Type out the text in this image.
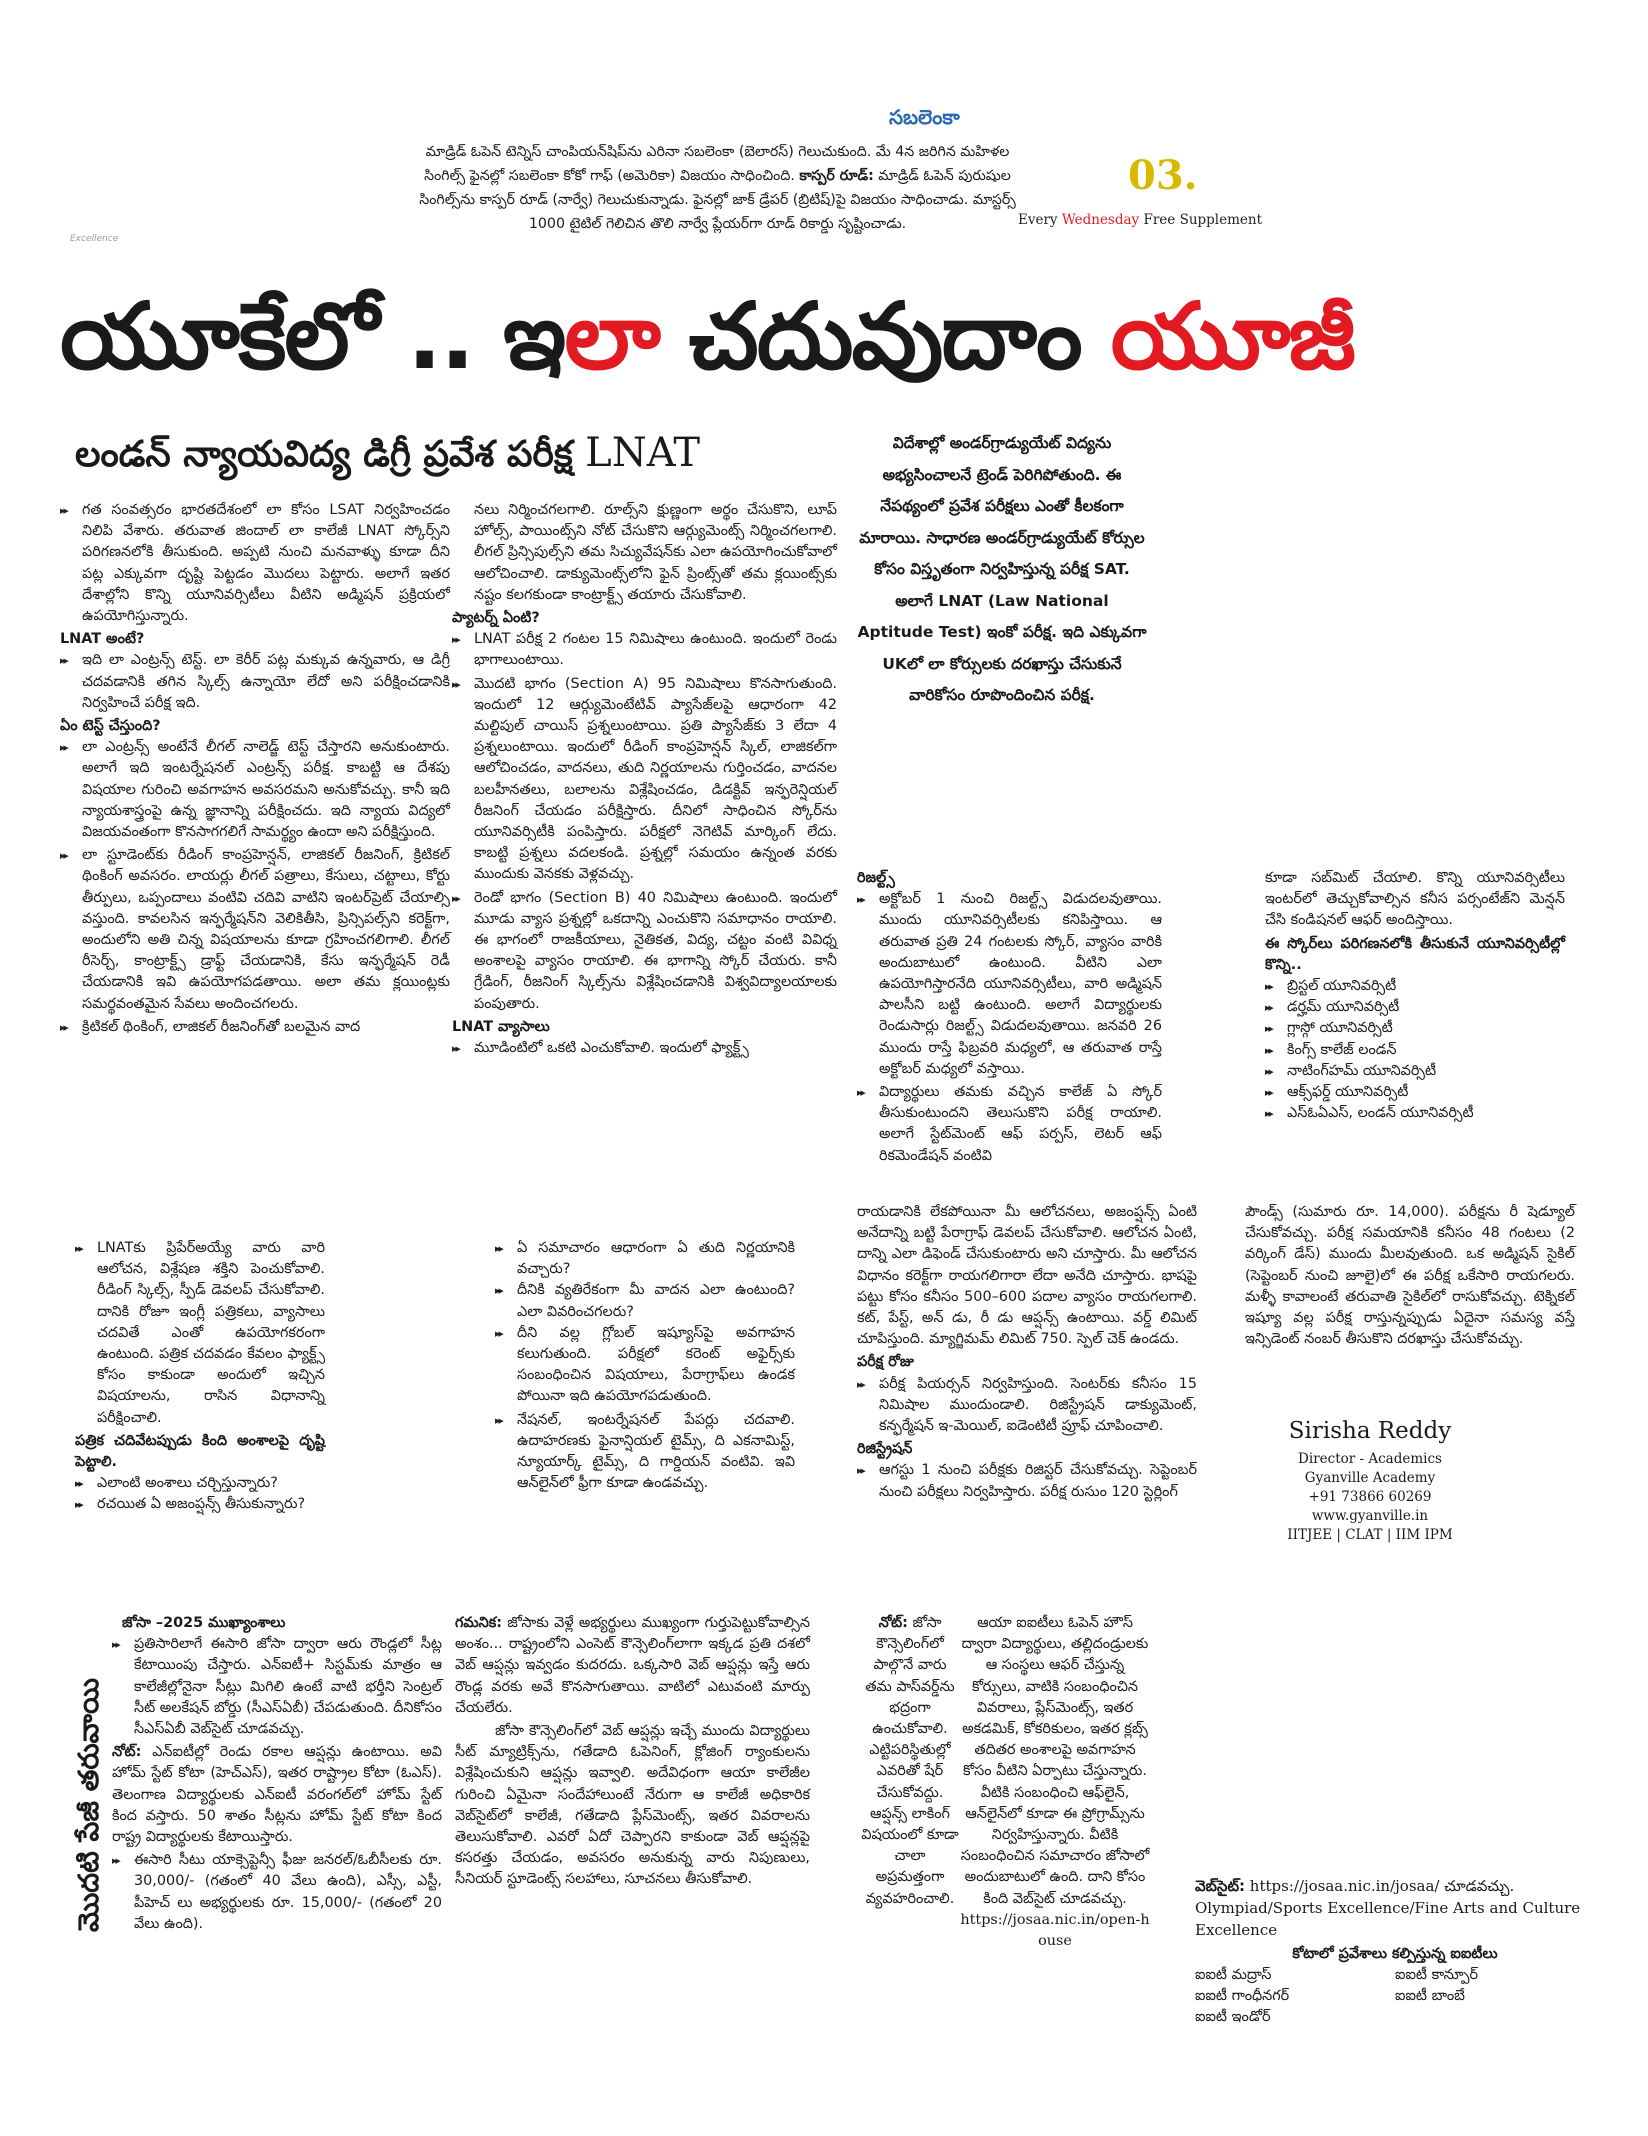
Excellence
సబలెంకా
మాడ్రిడ్ ఓపెన్ టెన్నిస్ చాంపియన్‌షిప్‌ను ఎరినా సబలెంకా (బెలారస్) గెలుచుకుంది. మే 4న జరిగిన మహిళల సింగిల్స్ ఫైనల్లో సబలెంకా కోకో గాఫ్ (అమెరికా) విజయం సాధించింది. కాస్పర్ రూడ్: మాడ్రిడ్ ఓపెన్ పురుషుల సింగిల్స్‌ను కాస్పర్ రూడ్ (నార్వే) గెలుచుకున్నాడు. ఫైనల్లో జాక్ డ్రేపర్ (బ్రిటిష్)పై విజయం సాధించాడు. మాస్టర్స్ 1000 టైటిల్ గెలిచిన తొలి నార్వే ప్లేయర్‌గా రూడ్ రికార్డు సృష్టించాడు.
03.
Every Wednesday Free Supplement
యూకేలో .. ఇలా చదువుదాం యూజీ
లండన్ న్యాయవిద్య డిగ్రీ ప్రవేశ పరీక్ష LNAT	విదేశాల్లో అండర్‌గ్రాడ్యుయేట్ విద్యను అభ్యసించాలనే ట్రెండ్ పెరిగిపోతుంది. ఈ నేపథ్యంలో ప్రవేశ పరీక్షలు ఎంతో కీలకంగా మారాయి. సాధారణ అండర్‌గ్రాడ్యుయేట్ కోర్సుల కోసం విస్తృతంగా నిర్వహిస్తున్న పరీక్ష SAT. అలాగే LNAT (Law National Aptitude Test) ఇంకో పరీక్ష. ఇది ఎక్కువగా UKలో లా కోర్సులకు దరఖాస్తు చేసుకునే వారికోసం రూపొందించిన పరీక్ష.
▶▶ గత సంవత్సరం భారతదేశంలో లా కోసం LSAT నిర్వహించడం నిలిపి వేశారు. తరువాత జిందాల్ లా కాలేజీ LNAT స్కోర్స్‌ని పరిగణనలోకి తీసుకుంది. అప్పటి నుంచి మనవాళ్ళు కూడా దీని పట్ల ఎక్కువగా దృష్టి పెట్టడం మొదలు పెట్టారు. అలాగే ఇతర దేశాల్లోని కొన్ని యూనివర్సిటీలు వీటిని అడ్మిషన్ ప్రక్రియలో ఉపయోగిస్తున్నారు.
LNAT అంటే?
▶▶ ఇది లా ఎంట్రన్స్ టెస్ట్. లా కెరీర్ పట్ల మక్కువ ఉన్నవారు, ఆ డిగ్రీ చదవడానికి తగిన స్కిల్స్ ఉన్నాయో లేదో అని పరీక్షించడానికి నిర్వహించే పరీక్ష ఇది.
ఏం టెస్ట్ చేస్తుంది?
▶▶ లా ఎంట్రన్స్ అంటేనే లీగల్ నాలెడ్జ్ టెస్ట్ చేస్తారని అనుకుంటారు. అలాగే ఇది ఇంటర్నేషనల్ ఎంట్రన్స్ పరీక్ష. కాబట్టి ఆ దేశపు విషయాల గురించి అవగాహన అవసరమని అనుకోవచ్చు. కానీ ఇది న్యాయశాస్త్రంపై ఉన్న జ్ఞానాన్ని పరీక్షించదు. ఇది న్యాయ విద్యలో విజయవంతంగా కొనసాగగలిగే సామర్థ్యం ఉందా అని పరీక్షిస్తుంది.
▶▶ లా స్టూడెంట్‌కు రీడింగ్ కాంప్రహెన్షన్, లాజికల్ రీజనింగ్, క్రిటికల్ థింకింగ్ అవసరం. లాయర్లు లీగల్ పత్రాలు, కేసులు, చట్టాలు, కోర్టు తీర్పులు, ఒప్పందాలు వంటివి చదివి వాటిని ఇంటర్‌ప్రెట్ చేయాల్సి వస్తుంది. కావలసిన ఇన్ఫర్మేషన్‌ని వెలికితీసి, ప్రిన్సిపల్స్‌ని కరెక్ట్‌గా, అందులోని అతి చిన్న విషయాలను కూడా గ్రహించగలిగాలి. లీగల్ రీసెర్చ్, కాంట్రాక్ట్స్ డ్రాఫ్ట్ చేయడానికి, కేసు ఇన్ఫర్మేషన్ రెడీ చేయడానికి ఇవి ఉపయోగపడతాయి. అలా తమ క్లయింట్లకు సమర్థవంతమైన సేవలు అందించగలరు.
▶▶ క్రిటికల్ థింకింగ్, లాజికల్ రీజనింగ్‌తో బలమైన వాద
నలు నిర్మించగలగాలి. రూల్స్‌ని క్షుణ్ణంగా అర్థం చేసుకొని, లూప్ హోల్స్, పాయింట్స్‌ని నోట్ చేసుకొని ఆర్గ్యుమెంట్స్ నిర్మించగలగాలి. లీగల్ ప్రిన్సిపుల్స్‌ని తమ సిచ్యువేషన్‌కు ఎలా ఉపయోగించుకోవాలో ఆలోచించాలి. డాక్యుమెంట్స్‌లోని ఫైన్ ప్రింట్స్‌తో తమ క్లయింట్స్‌కు నష్టం కలగకుండా కాంట్రాక్ట్స్ తయారు చేసుకోవాలి.
ప్యాటర్న్ ఏంటి?
▶▶ LNAT పరీక్ష 2 గంటల 15 నిమిషాలు ఉంటుంది. ఇందులో రెండు భాగాలుంటాయి.
▶▶ మొదటి భాగం (Section A) 95 నిమిషాలు కొనసాగుతుంది. ఇందులో 12 ఆర్గ్యుమెంటేటివ్ ప్యాసేజ్‌లపై ఆధారంగా 42 మల్టిపుల్ చాయిస్ ప్రశ్నలుంటాయి. ప్రతి ప్యాసేజ్‌కు 3 లేదా 4 ప్రశ్నలుంటాయి. ఇందులో రీడింగ్ కాంప్రహెన్షన్ స్కిల్, లాజికల్‌గా ఆలోచించడం, వాదనలు, తుది నిర్ణయాలను గుర్తించడం, వాదనల బలహీనతలు, బలాలను విశ్లేషించడం, డిడక్టివ్ ఇన్ఫరెన్షియల్ రీజనింగ్ చేయడం పరీక్షిస్తారు. దీనిలో సాధించిన స్కోర్‌ను యూనివర్సిటీకి పంపిస్తారు. పరీక్షలో నెగెటివ్ మార్కింగ్ లేదు. కాబట్టి ప్రశ్నలు వదలకండి. ప్రశ్నల్లో సమయం ఉన్నంత వరకు ముందుకు వెనకకు వెళ్లవచ్చు.
▶▶ రెండో భాగం (Section B) 40 నిమిషాలు ఉంటుంది. ఇందులో మూడు వ్యాస ప్రశ్నల్లో ఒకదాన్ని ఎంచుకొని సమాధానం రాయాలి. ఈ భాగంలో రాజకీయాలు, నైతికత, విద్య, చట్టం వంటి వివిధ్న అంశాలపై వ్యాసం రాయాలి. ఈ భాగాన్ని స్కోర్ చేయరు. కానీ గ్రేడింగ్, రీజనింగ్ స్కిల్స్‌ను విశ్లేషించడానికి విశ్వవిద్యాలయాలకు పంపుతారు.
LNAT వ్యాసాలు
▶▶ మూడింటిలో ఒకటి ఎంచుకోవాలి. ఇందులో ఫ్యాక్ట్స్
▶▶ LNATకు ప్రిపేర్అయ్యే వారు వారి ఆలోచన, విశ్లేషణ శక్తిని పెంచుకోవాలి. రీడింగ్ స్కిల్స్, స్పీడ్ డెవలప్ చేసుకోవాలి. దానికి రోజూ ఇంగ్లీ పత్రికలు, వ్యాసాలు చదవితే ఎంతో ఉపయోగకరంగా ఉంటుంది. పత్రిక చదవడం కేవలం ఫ్యాక్ట్స్ కోసం కాకుండా అందులో ఇచ్చిన విషయాలను, రాసిన విధానాన్ని పరీక్షించాలి.
పత్రిక చదివేటప్పుడు కింది అంశాలపై దృష్టి పెట్టాలి.
▶▶ ఎలాంటి అంశాలు చర్చిస్తున్నారు?
▶▶ రచయిత ఏ అజంప్షన్స్ తీసుకున్నారు?
▶▶ ఏ సమాచారం ఆధారంగా ఏ తుది నిర్ణయానికి వచ్చారు?
▶▶ దీనికి వ్యతిరేకంగా మీ వాదన ఎలా ఉంటుంది? ఎలా వివరించగలరు?
▶▶ దీని వల్ల గ్లోబల్ ఇష్యూస్‌పై అవగాహన కలుగుతుంది. పరీక్షలో కరెంట్ అఫైర్స్‌కు సంబంధించిన విషయాలు, పేరాగ్రాఫ్‌లు ఉండక పోయినా ఇది ఉపయోగపడుతుంది.
▶▶ నేషనల్, ఇంటర్నేషనల్ పేపర్లు చదవాలి. ఉదాహరణకు ఫైనాన్షియల్ టైమ్స్, ది ఎకనామిస్ట్, న్యూయార్క్ టైమ్స్, ది గార్డియన్ వంటివి. ఇవి ఆన్‌లైన్‌లో ఫ్రీగా కూడా ఉండవచ్చు.
రిజల్ట్స్
▶▶ అక్టోబర్ 1 నుంచి రిజల్ట్స్ విడుదలవుతాయి. ముందు యూనివర్సిటీలకు కనిపిస్తాయి. ఆ తరువాత ప్రతి 24 గంటలకు స్కోర్, వ్యాసం వారికి అందుబాటులో ఉంటుంది. వీటిని ఎలా ఉపయోగిస్తారనేది యూనివర్సిటీలు, వారి అడ్మిషన్ పాలసీని బట్టి ఉంటుంది. అలాగే విద్యార్థులకు రెండుసార్లు రిజల్ట్స్ విడుదలవుతాయి. జనవరి 26 ముందు రాస్తే ఫిబ్రవరి మధ్యలో, ఆ తరువాత రాస్తే అక్టోబర్ మధ్యలో వస్తాయి.
▶▶ విద్యార్థులు తమకు వచ్చిన కాలేజ్ ఏ స్కోర్ తీసుకుంటుందని తెలుసుకొని పరీక్ష రాయాలి. అలాగే స్టేట్‌మెంట్ ఆఫ్ పర్పస్, లెటర్ ఆఫ్ రికమెండేషన్ వంటివి
కూడా సబ్‌మిట్ చేయాలి. కొన్ని యూనివర్సిటీలు ఇంటర్‌లో తెచ్చుకోవాల్సిన కనీస పర్సంటేజ్‌ని మెన్షన్ చేసి కండిషనల్ ఆఫర్ అందిస్తాయి.
ఈ స్కోర్‌లు పరిగణనలోకి తీసుకునే యూనివర్సిటీల్లో కొన్ని..
▶▶ బ్రిస్టల్ యూనివర్సిటీ
▶▶ డర్హమ్ యూనివర్సిటీ
▶▶ గ్లాస్గో యూనివర్సిటీ
▶▶ కింగ్స్ కాలేజ్ లండన్
▶▶ నాటింగ్‌హమ్ యూనివర్సిటీ
▶▶ ఆక్స్‌ఫర్డ్ యూనివర్సిటీ
▶▶ ఎస్ఓఏఎస్, లండన్ యూనివర్సిటీ
రాయడానికి లేకపోయినా మీ ఆలోచనలు, అజంప్షన్స్ ఏంటి అనేదాన్ని బట్టి పేరాగ్రాఫ్ డెవలప్ చేసుకోవాలి. ఆలోచన ఏంటి, దాన్ని ఎలా డిఫెండ్ చేసుకుంటారు అని చూస్తారు. మీ ఆలోచన విధానం కరెక్ట్‌గా రాయగలిగారా లేదా అనేది చూస్తారు. భాషపై పట్టు కోసం కనీసం 500–600 పదాల వ్యాసం రాయగలగాలి. కట్, పేస్ట్, అన్ డు, రీ డు ఆప్షన్స్ ఉంటాయి. వర్డ్ లిమిట్ చూపిస్తుంది. మ్యాగ్జిమమ్ లిమిట్ 750. స్పెల్ చెక్ ఉండదు.
పరీక్ష రోజు
▶▶ పరీక్ష పియర్సన్ నిర్వహిస్తుంది. సెంటర్‌కు కనీసం 15 నిమిషాల ముందుండాలి. రిజిస్ట్రేషన్ డాక్యుమెంట్, కన్ఫర్మేషన్ ఇ-మెయిల్, ఐడెంటిటీ ప్రూఫ్ చూపించాలి.
రిజిస్ట్రేషన్
▶▶ ఆగస్టు 1 నుంచి పరీక్షకు రిజిస్టర్ చేసుకోవచ్చు. సెప్టెంబర్ నుంచి పరీక్షలు నిర్వహిస్తారు. పరీక్ష రుసుం 120 స్టెర్లింగ్
పౌండ్స్ (సుమారు రూ. 14,000). పరీక్షను రీ షెడ్యూల్ చేసుకోవచ్చు. పరీక్ష సమయానికి కనీసం 48 గంటలు (2 వర్కింగ్ డేస్) ముందు మీలవుతుంది. ఒక అడ్మిషన్ సైకిల్ (సెప్టెంబర్ నుంచి జూలై)లో ఈ పరీక్ష ఒకేసారి రాయగలరు. మళ్ళీ కావాలంటే తరువాతి సైకిల్‌లో రాసుకోవచ్చు. టెక్నికల్ ఇష్యూ వల్ల పరీక్ష రాస్తున్నప్పుడు ఏదైనా సమస్య వస్తే ఇన్సిడెంట్ నంబర్ తీసుకొని దరఖాస్తు చేసుకోవచ్చు.
Sirisha Reddy
Director - Academics
Gyanville Academy
+91 73866 60269
www.gyanville.in
IITJEE | CLAT | IIM IPM
మొదటి పేజీ తరువాయి
జోసా –2025 ముఖ్యాంశాలు
▶▶ ప్రతిసారిలాగే ఈసారి జోసా ద్వారా ఆరు రౌండ్లలో సీట్ల కేటాయింపు చేస్తారు. ఎన్ఐటీ+ సిస్టమ్‌కు మాత్రం ఆ కాలేజీల్లోనైనా సీట్లు మిగిలి ఉంటే వాటి భర్తీని సెంట్రల్ సీట్ అలకేషన్ బోర్డు (సీఎస్ఏబీ) చేపడుతుంది. దీనికోసం సీఎస్ఏబీ వెబ్‌సైట్ చూడవచ్చు.
నోట్: ఎన్ఐటీల్లో రెండు రకాల ఆప్షన్లు ఉంటాయి. అవి హోమ్ స్టేట్ కోటా (హెచ్ఎస్), ఇతర రాష్ట్రాల కోటా (ఓఎస్). తెలంగాణ విద్యార్థులకు ఎన్ఐటీ వరంగల్‌లో హోమ్ స్టేట్ కింద వస్తారు. 50 శాతం సీట్లను హోమ్ స్టేట్ కోటా కింద రాష్ట్ర విద్యార్థులకు కేటాయిస్తారు.
▶▶ ఈసారి సీటు యాక్సెప్టెన్సీ ఫీజు జనరల్/ఓబీసీలకు రూ. 30,000/- (గతంలో 40 వేలు ఉంది), ఎస్సీ, ఎస్టీ, పీహెచ్ లు అభ్యర్థులకు రూ. 15,000/- (గతంలో 20 వేలు ఉంది).
గమనిక: జోసాకు వెళ్లే అభ్యర్థులు ముఖ్యంగా గుర్తుపెట్టుకోవాల్సిన అంశం... రాష్ట్రంలోని ఎంసెట్ కౌన్సెలింగ్‌లాగా ఇక్కడ ప్రతి దశలో వెబ్ ఆప్షన్లు ఇవ్వడం కుదరదు. ఒక్కసారి వెబ్ ఆప్షన్లు ఇస్తే ఆరు రౌండ్ల వరకు అవే కొనసాగుతాయి. వాటిలో ఎటువంటి మార్పు చేయలేరు.
జోసా కౌన్సెలింగ్‌లో వెబ్ ఆప్షన్లు ఇచ్చే ముందు విద్యార్థులు సీట్ మ్యాట్రిక్స్‌ను, గతేడాది ఓపెనింగ్, క్లోజింగ్ ర్యాంకులను విశ్లేషించుకుని ఆప్షన్లు ఇవ్వాలి. అదేవిధంగా ఆయా కాలేజీల గురించి ఏమైనా సందేహాలుంటే నేరుగా ఆ కాలేజీ అధికారిక వెబ్‌సైట్‌లో కాలేజీ, గతేడాది ప్లేస్‌మెంట్స్, ఇతర వివరాలను తెలుసుకోవాలి. ఎవరో ఏదో చెప్పారని కాకుండా వెబ్ ఆప్షన్లపై కసరత్తు చేయడం, అవసరం అనుకున్న వారు నిపుణులు, సీనియర్ స్టూడెంట్స్ సలహాలు, సూచనలు తీసుకోవాలి.
నోట్: జోసా కౌన్సెలింగ్‌లో పాల్గొనే వారు తమ పాస్‌వర్డ్‌ను భద్రంగా ఉంచుకోవాలి. ఎట్టిపరిస్థితుల్లో ఎవరితో షేర్ చేసుకోవద్దు. ఆప్షన్స్ లాకింగ్ విషయంలో కూడా చాలా అప్రమత్తంగా వ్యవహరించాలి.
ఆయా ఐఐటీలు ఓపెన్ హౌస్ ద్వారా విద్యార్థులు, తల్లిదండ్రులకు ఆ సంస్థలు ఆఫర్ చేస్తున్న కోర్సులు, వాటికి సంబంధించిన వివరాలు, ప్లేస్‌మెంట్స్, ఇతర అకడమిక్, కోకరికులం, ఇతర క్లబ్స్ తదితర అంశాలపై అవగాహన కోసం వీటిని ఏర్పాటు చేస్తున్నారు. వీటికి సంబంధించి ఆఫ్‌లైన్, ఆన్‌లైన్‌లో కూడా ఈ ప్రోగ్రామ్స్‌ను నిర్వహిస్తున్నారు. వీటికి సంబంధించిన సమాచారం జోసాలో అందుబాటులో ఉంది. దాని కోసం కింది వెబ్‌సైట్ చూడవచ్చు.
https://josaa.nic.in/open-house
వెబ్‌సైట్: https://josaa.nic.in/josaa/ చూడవచ్చు.
Olympiad/Sports Excellence/Fine Arts and Culture Excellence
కోటాలో ప్రవేశాలు కల్పిస్తున్న ఐఐటీలు
ఐఐటీ మద్రాస్	ఐఐటీ కాన్పూర్
ఐఐటీ గాంధీనగర్	ఐఐటీ బాంబే
ఐఐటీ ఇండోర్
